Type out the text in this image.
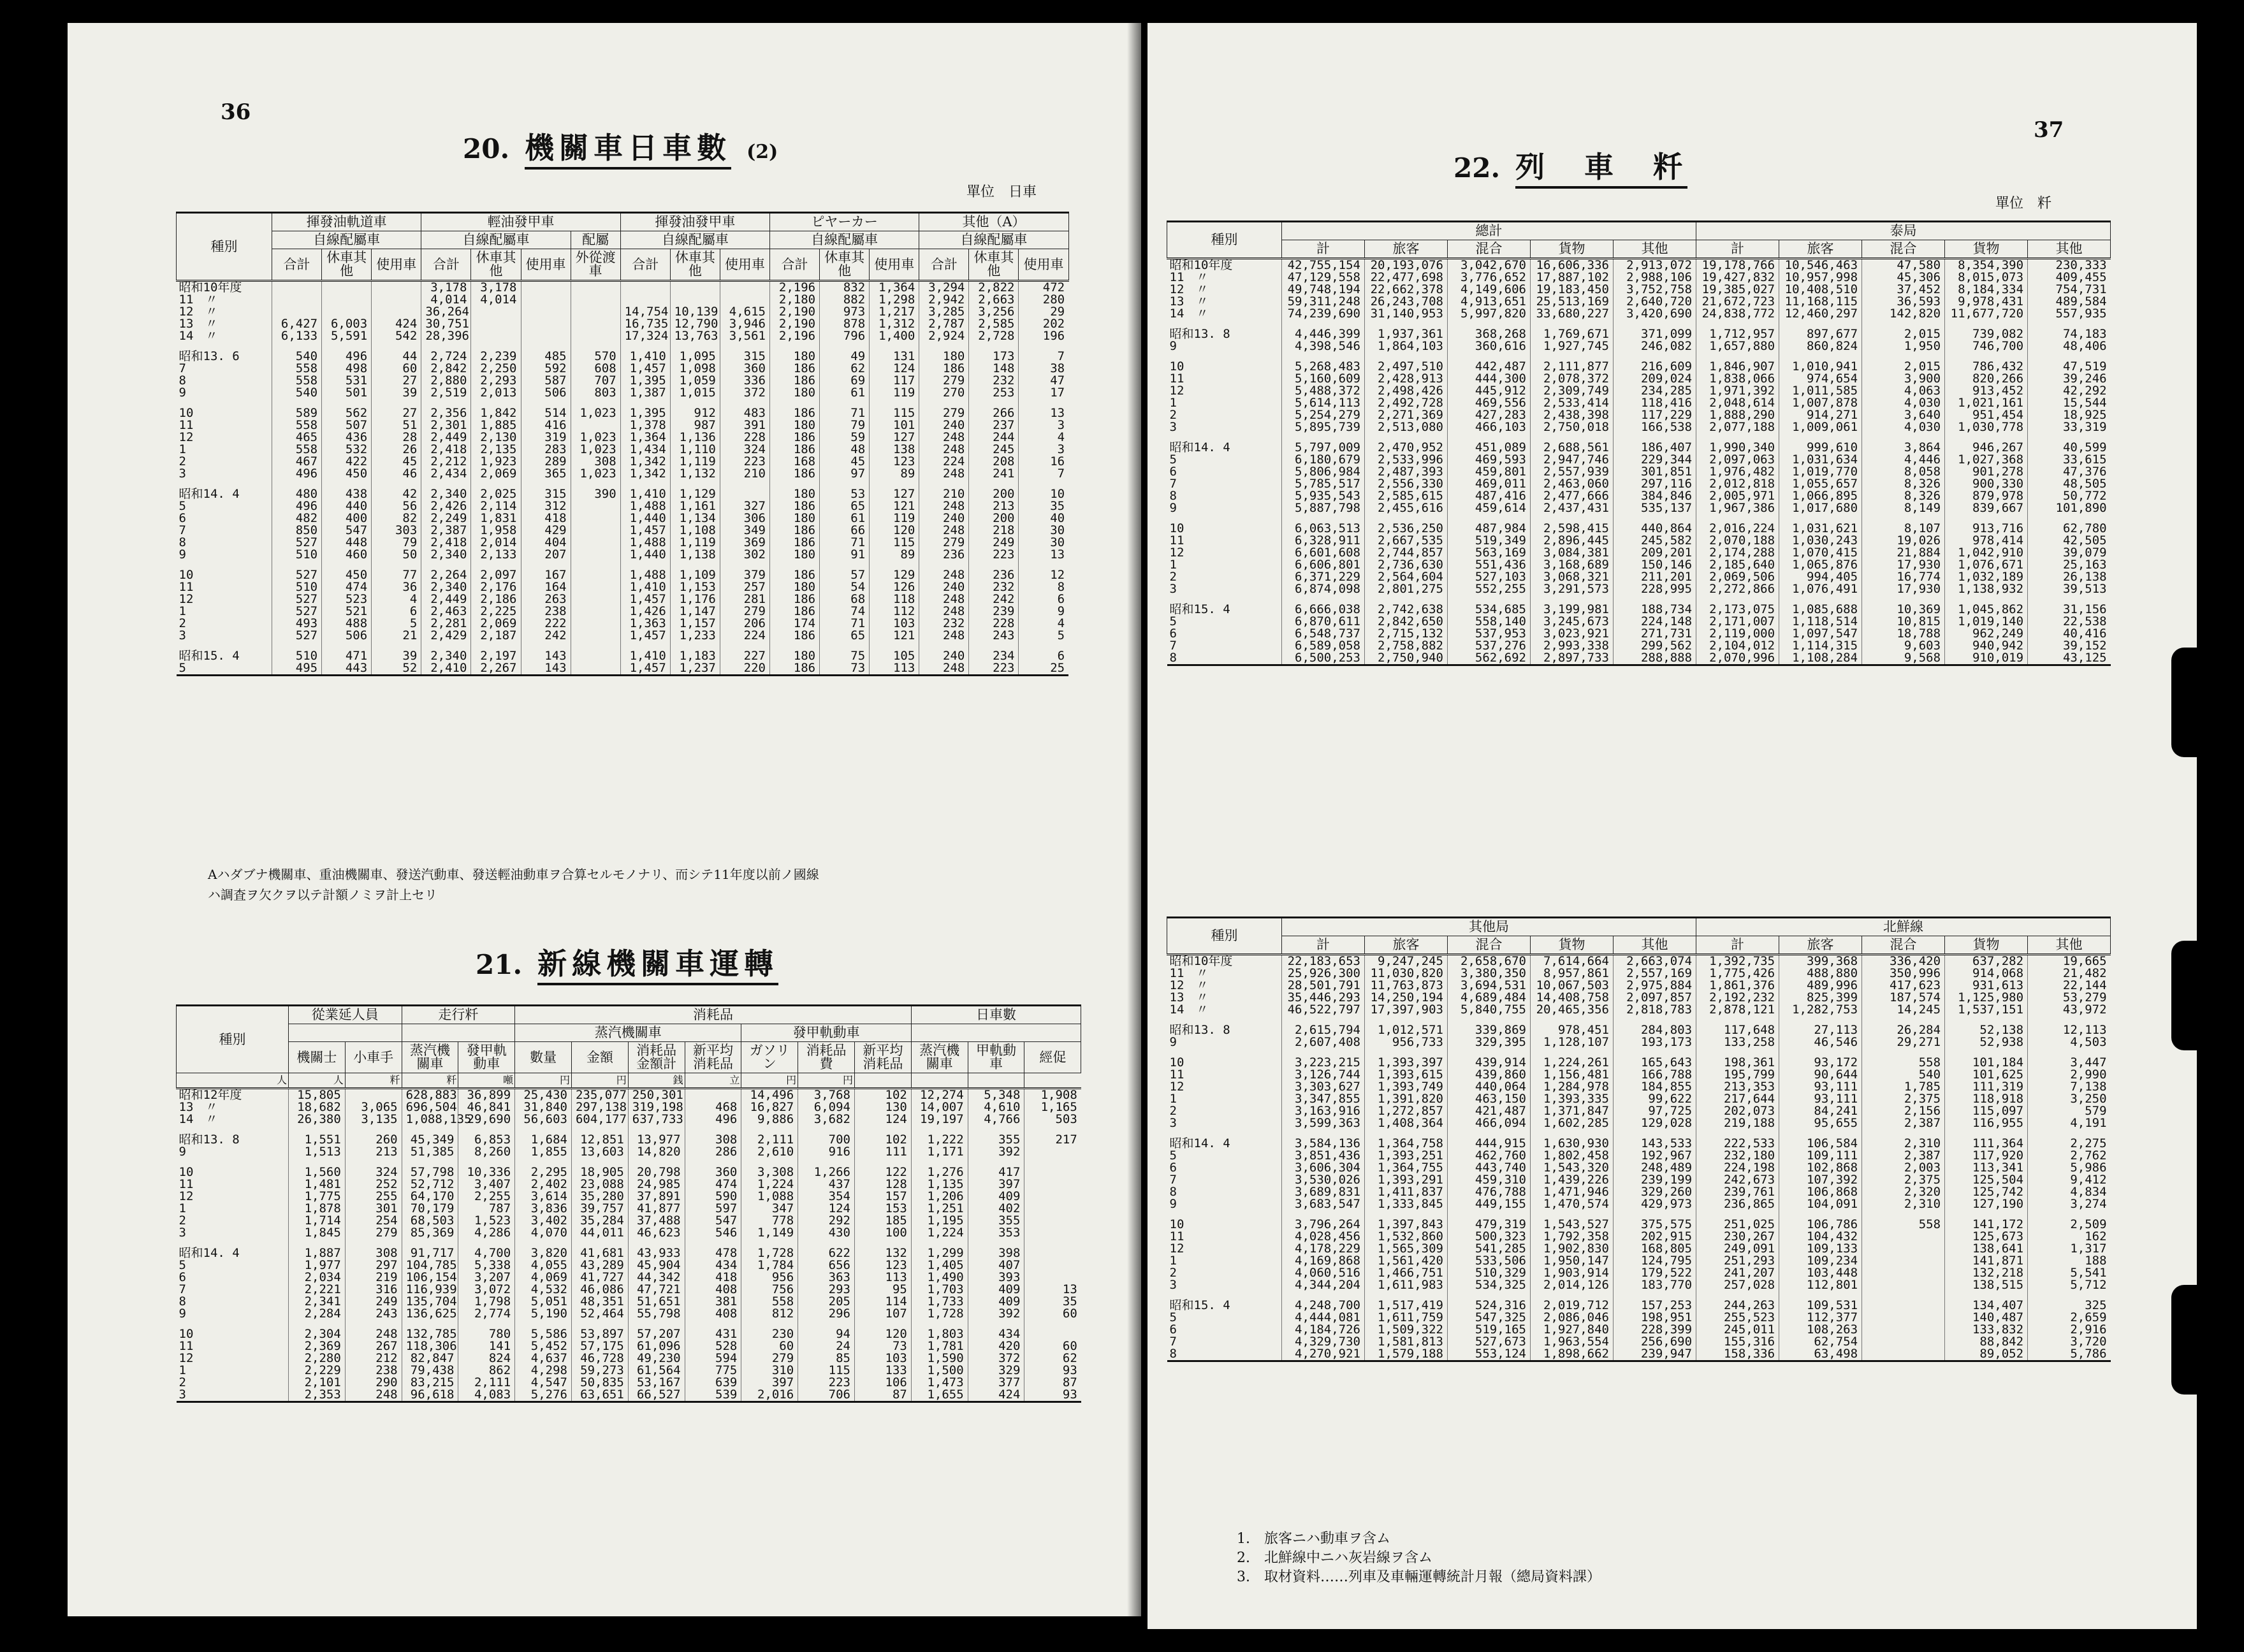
36
20. 機關車日車數 (2)
單位　日車
種別	揮發油軌道車			輕油發甲車				揮發油發甲車			ピヤーカー			其他（A）		
	自線配屬車			自線配屬車			配屬	自線配屬車			自線配屬車			自線配屬車		
	合計	休車其他	使用車	合計	休車其他	使用車	外從渡車	合計	休車其他	使用車	合計	休車其他	使用車	合計	休車其他	使用車
昭和10年度				3,178	3,178						2,196	832	1,364	3,294	2,822	472
11　〃				4,014	4,014						2,180	882	1,298	2,942	2,663	280
12　〃				36,264				14,754	10,139	4,615	2,190	973	1,217	3,285	3,256	29
13　〃	6,427	6,003	424	30,751				16,735	12,790	3,946	2,190	878	1,312	2,787	2,585	202
14　〃	6,133	5,591	542	28,396				17,324	13,763	3,561	2,196	796	1,400	2,924	2,728	196

昭和13. 6	540	496	44	2,724	2,239	485	570	1,410	1,095	315	180	49	131	180	173	7
7	558	498	60	2,842	2,250	592	608	1,457	1,098	360	186	62	124	186	148	38
8	558	531	27	2,880	2,293	587	707	1,395	1,059	336	186	69	117	279	232	47
9	540	501	39	2,519	2,013	506	803	1,387	1,015	372	180	61	119	270	253	17

10	589	562	27	2,356	1,842	514	1,023	1,395	912	483	186	71	115	279	266	13
11	558	507	51	2,301	1,885	416		1,378	987	391	180	79	101	240	237	3
12	465	436	28	2,449	2,130	319	1,023	1,364	1,136	228	186	59	127	248	244	4
1	558	532	26	2,418	2,135	283	1,023	1,434	1,110	324	186	48	138	248	245	3
2	467	422	45	2,212	1,923	289	308	1,342	1,119	223	168	45	123	224	208	16
3	496	450	46	2,434	2,069	365	1,023	1,342	1,132	210	186	97	89	248	241	7

昭和14. 4	480	438	42	2,340	2,025	315	390	1,410	1,129		180	53	127	210	200	10
5	496	440	56	2,426	2,114	312		1,488	1,161	327	186	65	121	248	213	35
6	482	400	82	2,249	1,831	418		1,440	1,134	306	180	61	119	240	200	40
7	850	547	303	2,387	1,958	429		1,457	1,108	349	186	66	120	248	218	30
8	527	448	79	2,418	2,014	404		1,488	1,119	369	186	71	115	279	249	30
9	510	460	50	2,340	2,133	207		1,440	1,138	302	180	91	89	236	223	13

10	527	450	77	2,264	2,097	167		1,488	1,109	379	186	57	129	248	236	12
11	510	474	36	2,340	2,176	164		1,410	1,153	257	180	54	126	240	232	8
12	527	523	4	2,449	2,186	263		1,457	1,176	281	186	68	118	248	242	6
1	527	521	6	2,463	2,225	238		1,426	1,147	279	186	74	112	248	239	9
2	493	488	5	2,281	2,069	222		1,363	1,157	206	174	71	103	232	228	4
3	527	506	21	2,429	2,187	242		1,457	1,233	224	186	65	121	248	243	5

昭和15. 4	510	471	39	2,340	2,197	143		1,410	1,183	227	180	75	105	240	234	6
5	495	443	52	2,410	2,267	143		1,457	1,237	220	186	73	113	248	223	25
Aハダブナ機關車、重油機關車、發送汽動車、發送輕油動車ヲ合算セルモノナリ、而シテ11年度以前ノ國線
ハ調査ヲ欠クヲ以テ計額ノミヲ計上セリ
21. 新線機關車運轉
種別	從業延人員		走行粁		消耗品							日車數		
					蒸汽機關車				發甲軌動車					
	機關士	小車手	蒸汽機關車	發甲軌動車	數量	金額	消耗品金額計	新平均消耗品	ガソリン	消耗品費	新平均消耗品	蒸汽機關車	甲軌動車	經促
人	人	粁	粁	噸	円	円	銭	立	円	円				
昭和12年度	15,805		628,883	36,899	25,430	235,077	250,301		14,496	3,768	102	12,274	5,348	1,908
13　〃	18,682	3,065	696,504	46,841	31,840	297,138	319,198	468	16,827	6,094	130	14,007	4,610	1,165
14　〃	26,380	3,135	1,088,135	29,690	56,603	604,177	637,733	496	9,886	3,682	124	19,197	4,766	503

昭和13. 8	1,551	260	45,349	6,853	1,684	12,851	13,977	308	2,111	700	102	1,222	355	217
9	1,513	213	51,385	8,260	1,855	13,603	14,820	286	2,610	916	111	1,171	392	

10	1,560	324	57,798	10,336	2,295	18,905	20,798	360	3,308	1,266	122	1,276	417	
11	1,481	252	52,712	3,407	2,402	23,088	24,985	474	1,224	437	128	1,135	397	
12	1,775	255	64,170	2,255	3,614	35,280	37,891	590	1,088	354	157	1,206	409	
1	1,878	301	70,179	787	3,836	39,757	41,877	597	347	124	153	1,251	402	
2	1,714	254	68,503	1,523	3,402	35,284	37,488	547	778	292	185	1,195	355	
3	1,845	279	85,369	4,286	4,070	44,011	46,623	546	1,149	430	100	1,224	353	

昭和14. 4	1,887	308	91,717	4,700	3,820	41,681	43,933	478	1,728	622	132	1,299	398	
5	1,977	297	104,785	5,338	4,055	43,289	45,904	434	1,784	656	123	1,405	407	
6	2,034	219	106,154	3,207	4,069	41,727	44,342	418	956	363	113	1,490	393	
7	2,221	316	116,939	3,072	4,532	46,086	47,721	408	756	293	95	1,703	409	13
8	2,341	249	135,704	1,798	5,051	48,351	51,651	381	558	205	114	1,733	409	35
9	2,284	243	136,625	2,774	5,190	52,464	55,798	408	812	296	107	1,728	392	60

10	2,304	248	132,785	780	5,586	53,897	57,207	431	230	94	120	1,803	434	
11	2,369	267	118,306	141	5,452	57,175	61,096	528	60	24	73	1,781	420	60
12	2,280	212	82,847	824	4,637	46,728	49,230	594	279	85	103	1,590	372	62
1	2,229	238	79,438	862	4,298	59,273	61,564	775	310	115	133	1,500	329	93
2	2,101	290	83,215	2,111	4,547	50,835	53,167	639	397	223	106	1,473	377	87
3	2,353	248	96,618	4,083	5,276	63,651	66,527	539	2,016	706	87	1,655	424	93
37
22. 列　車　粁
單位　粁
種別	總計					泰局				
	計	旅客	混合	貨物	其他	計	旅客	混合	貨物	其他
昭和10年度	42,755,154	20,193,076	3,042,670	16,606,336	2,913,072	19,178,766	10,546,463	47,580	8,354,390	230,333
11　〃	47,129,558	22,477,698	3,776,652	17,887,102	2,988,106	19,427,832	10,957,998	45,306	8,015,073	409,455
12　〃	49,748,194	22,662,378	4,149,606	19,183,450	3,752,758	19,385,027	10,408,510	37,452	8,184,334	754,731
13　〃	59,311,248	26,243,708	4,913,651	25,513,169	2,640,720	21,672,723	11,168,115	36,593	9,978,431	489,584
14　〃	74,239,690	31,140,953	5,997,820	33,680,227	3,420,690	24,838,772	12,460,297	142,820	11,677,720	557,935

昭和13. 8	4,446,399	1,937,361	368,268	1,769,671	371,099	1,712,957	897,677	2,015	739,082	74,183
9	4,398,546	1,864,103	360,616	1,927,745	246,082	1,657,880	860,824	1,950	746,700	48,406

10	5,268,483	2,497,510	442,487	2,111,877	216,609	1,846,907	1,010,941	2,015	786,432	47,519
11	5,160,609	2,428,913	444,300	2,078,372	209,024	1,838,066	974,654	3,900	820,266	39,246
12	5,488,372	2,498,426	445,912	2,309,749	234,285	1,971,392	1,011,585	4,063	913,452	42,292
1	5,614,113	2,492,728	469,556	2,533,414	118,416	2,048,614	1,007,878	4,030	1,021,161	15,544
2	5,254,279	2,271,369	427,283	2,438,398	117,229	1,888,290	914,271	3,640	951,454	18,925
3	5,895,739	2,513,080	466,103	2,750,018	166,538	2,077,188	1,009,061	4,030	1,030,778	33,319

昭和14. 4	5,797,009	2,470,952	451,089	2,688,561	186,407	1,990,340	999,610	3,864	946,267	40,599
5	6,180,679	2,533,996	469,593	2,947,746	229,344	2,097,063	1,031,634	4,446	1,027,368	33,615
6	5,806,984	2,487,393	459,801	2,557,939	301,851	1,976,482	1,019,770	8,058	901,278	47,376
7	5,785,517	2,556,330	469,011	2,463,060	297,116	2,012,818	1,055,657	8,326	900,330	48,505
8	5,935,543	2,585,615	487,416	2,477,666	384,846	2,005,971	1,066,895	8,326	879,978	50,772
9	5,887,798	2,455,616	459,614	2,437,431	535,137	1,967,386	1,017,680	8,149	839,667	101,890

10	6,063,513	2,536,250	487,984	2,598,415	440,864	2,016,224	1,031,621	8,107	913,716	62,780
11	6,328,911	2,667,535	519,349	2,896,445	245,582	2,070,188	1,030,243	19,026	978,414	42,505
12	6,601,608	2,744,857	563,169	3,084,381	209,201	2,174,288	1,070,415	21,884	1,042,910	39,079
1	6,606,801	2,736,630	551,436	3,168,689	150,146	2,185,640	1,065,876	17,930	1,076,671	25,163
2	6,371,229	2,564,604	527,103	3,068,321	211,201	2,069,506	994,405	16,774	1,032,189	26,138
3	6,874,098	2,801,275	552,255	3,291,573	228,995	2,272,866	1,076,491	17,930	1,138,932	39,513

昭和15. 4	6,666,038	2,742,638	534,685	3,199,981	188,734	2,173,075	1,085,688	10,369	1,045,862	31,156
5	6,870,611	2,842,650	558,140	3,245,673	224,148	2,171,007	1,118,514	10,815	1,019,140	22,538
6	6,548,737	2,715,132	537,953	3,023,921	271,731	2,119,000	1,097,547	18,788	962,249	40,416
7	6,589,058	2,758,882	537,276	2,993,338	299,562	2,104,012	1,114,315	9,603	940,942	39,152
8	6,500,253	2,750,940	562,692	2,897,733	288,888	2,070,996	1,108,284	9,568	910,019	43,125
種別	其他局					北鮮線				
	計	旅客	混合	貨物	其他	計	旅客	混合	貨物	其他
昭和10年度	22,183,653	9,247,245	2,658,670	7,614,664	2,663,074	1,392,735	399,368	336,420	637,282	19,665
11　〃	25,926,300	11,030,820	3,380,350	8,957,861	2,557,169	1,775,426	488,880	350,996	914,068	21,482
12　〃	28,501,791	11,763,873	3,694,531	10,067,503	2,975,884	1,861,376	489,996	417,623	931,613	22,144
13　〃	35,446,293	14,250,194	4,689,484	14,408,758	2,097,857	2,192,232	825,399	187,574	1,125,980	53,279
14　〃	46,522,797	17,397,903	5,840,755	20,465,356	2,818,783	2,878,121	1,282,753	14,245	1,537,151	43,972

昭和13. 8	2,615,794	1,012,571	339,869	978,451	284,803	117,648	27,113	26,284	52,138	12,113
9	2,607,408	956,733	329,395	1,128,107	193,173	133,258	46,546	29,271	52,938	4,503

10	3,223,215	1,393,397	439,914	1,224,261	165,643	198,361	93,172	558	101,184	3,447
11	3,126,744	1,393,615	439,860	1,156,481	166,788	195,799	90,644	540	101,625	2,990
12	3,303,627	1,393,749	440,064	1,284,978	184,855	213,353	93,111	1,785	111,319	7,138
1	3,347,855	1,391,820	463,150	1,393,335	99,622	217,644	93,111	2,375	118,918	3,250
2	3,163,916	1,272,857	421,487	1,371,847	97,725	202,073	84,241	2,156	115,097	579
3	3,599,363	1,408,364	466,094	1,602,285	129,028	219,188	95,655	2,387	116,955	4,191

昭和14. 4	3,584,136	1,364,758	444,915	1,630,930	143,533	222,533	106,584	2,310	111,364	2,275
5	3,851,436	1,393,251	462,760	1,802,458	192,967	232,180	109,111	2,387	117,920	2,762
6	3,606,304	1,364,755	443,740	1,543,320	248,489	224,198	102,868	2,003	113,341	5,986
7	3,530,026	1,393,291	459,310	1,439,226	239,199	242,673	107,392	2,375	125,504	9,412
8	3,689,831	1,411,837	476,788	1,471,946	329,260	239,761	106,868	2,320	125,742	4,834
9	3,683,547	1,333,845	449,155	1,470,574	429,973	236,865	104,091	2,310	127,190	3,274

10	3,796,264	1,397,843	479,319	1,543,527	375,575	251,025	106,786	558	141,172	2,509
11	4,028,456	1,532,860	500,323	1,792,358	202,915	230,267	104,432		125,673	162
12	4,178,229	1,565,309	541,285	1,902,830	168,805	249,091	109,133		138,641	1,317
1	4,169,868	1,561,420	533,506	1,950,147	124,795	251,293	109,234		141,871	188
2	4,060,516	1,466,751	510,329	1,903,914	179,522	241,207	103,448		132,218	5,541
3	4,344,204	1,611,983	534,325	2,014,126	183,770	257,028	112,801		138,515	5,712

昭和15. 4	4,248,700	1,517,419	524,316	2,019,712	157,253	244,263	109,531		134,407	325
5	4,444,081	1,611,759	547,325	2,086,046	198,951	255,523	112,377		140,487	2,659
6	4,184,726	1,509,322	519,165	1,927,840	228,399	245,011	108,263		133,832	2,916
7	4,329,730	1,581,813	527,673	1,963,554	256,690	155,316	62,754		88,842	3,720
8	4,270,921	1,579,188	553,124	1,898,662	239,947	158,336	63,498		89,052	5,786
1.　旅客ニハ動車ヲ含ム
2.　北鮮線中ニハ灰岩線ヲ含ム
3.　取材資料……列車及車輛運轉統計月報（總局資料課）
